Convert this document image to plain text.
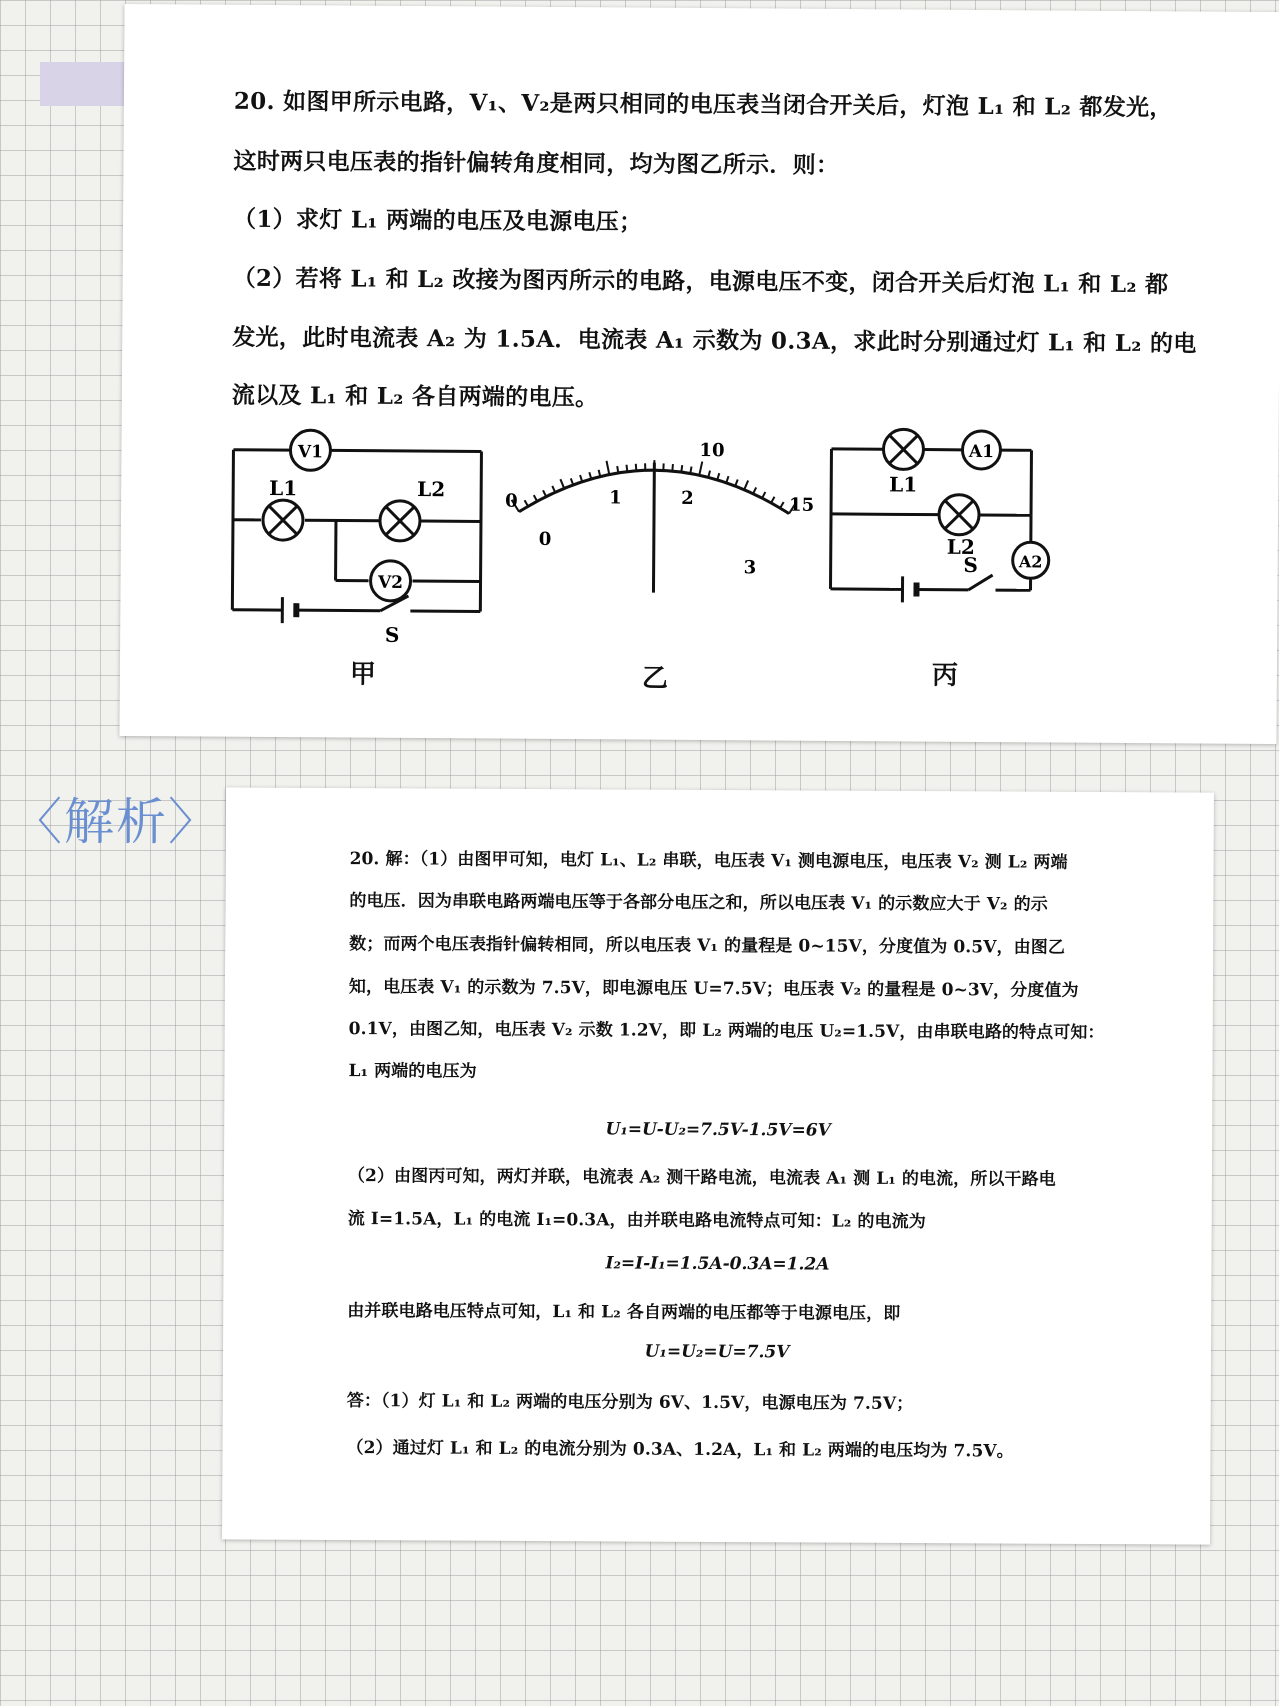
20. 如图甲所示电路，V₁、V₂是两只相同的电压表当闭合开关后，灯泡 L₁ 和 L₂ 都发光，
这时两只电压表的指针偏转角度相同，均为图乙所示．则：
（1）求灯 L₁ 两端的电压及电源电压；
（2）若将 L₁ 和 L₂ 改接为图丙所示的电路，电源电压不变，闭合开关后灯泡 L₁ 和 L₂ 都
发光，此时电流表 A₂ 为 1.5A．电流表 A₁ 示数为 0.3A，求此时分别通过灯 L₁ 和 L₂ 的电
流以及 L₁ 和 L₂ 各自两端的电压。
V1
L1	L2
V2
S
甲
0
10
15
0
1	2
3
乙
L1
A1
L2
A2
S
丙
〈解析〉
20. 解：（1）由图甲可知，电灯 L₁、L₂ 串联，电压表 V₁ 测电源电压，电压表 V₂ 测 L₂ 两端
的电压．因为串联电路两端电压等于各部分电压之和，所以电压表 V₁ 的示数应大于 V₂ 的示
数；而两个电压表指针偏转相同，所以电压表 V₁ 的量程是 0~15V，分度值为 0.5V，由图乙
知，电压表 V₁ 的示数为 7.5V，即电源电压 U=7.5V；电压表 V₂ 的量程是 0~3V，分度值为
0.1V，由图乙知，电压表 V₂ 示数 1.2V，即 L₂ 两端的电压 U₂=1.5V，由串联电路的特点可知：
L₁ 两端的电压为
U₁=U-U₂=7.5V-1.5V=6V
（2）由图丙可知，两灯并联，电流表 A₂ 测干路电流，电流表 A₁ 测 L₁ 的电流，所以干路电
流 I=1.5A，L₁ 的电流 I₁=0.3A，由并联电路电流特点可知：L₂ 的电流为
I₂=I-I₁=1.5A-0.3A=1.2A
由并联电路电压特点可知，L₁ 和 L₂ 各自两端的电压都等于电源电压，即
U₁=U₂=U=7.5V
答：（1）灯 L₁ 和 L₂ 两端的电压分别为 6V、1.5V，电源电压为 7.5V；
（2）通过灯 L₁ 和 L₂ 的电流分别为 0.3A、1.2A，L₁ 和 L₂ 两端的电压均为 7.5V。
